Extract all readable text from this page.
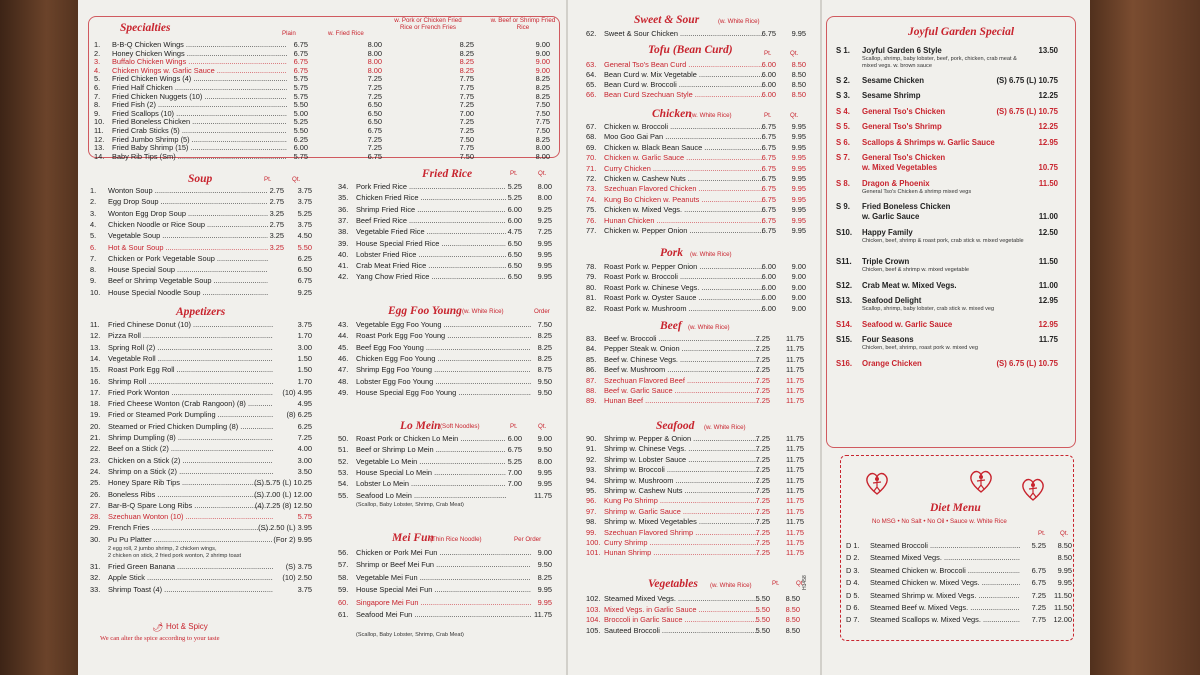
Specialties	Plain	w. Fried Rice
w. Pork or Chicken Fried Rice or French Fries
w. Beef or Shrimp Fried Rice
1. B-B-Q Chicken Wings .....	6.75	8.00	8.25	9.00
2. Honey Chicken Wings .....	6.75	8.00	8.25	9.00
3. Buffalo Chicken Wings .....	6.75	8.00	8.25	9.00
4. Chicken Wings w. Garlic Sauce .....	6.75	8.00	8.25	9.00
5. Fried Chicken Wings (4) .....	5.75	7.25	7.75	8.25
6. Fried Half Chicken .....	5.75	7.25	7.75	8.25
7. Fried Chicken Nuggets (10) .....	5.75	7.25	7.75	8.25
8. Fried Fish (2) .....	5.50	6.50	7.25	7.50
9. Fried Scallops (10) .....	5.00	6.50	7.00	7.50
10. Fried Boneless Chicken .....	5.25	6.50	7.25	7.75
11. Fried Crab Sticks (5) .....	5.50	6.75	7.25	7.50
12. Fried Jumbo Shrimp (5) .....	6.25	7.25	7.50	8.25
13. Fried Baby Shrimp (15) .....	6.00	7.25	7.75	8.00
14. Baby Rib Tips (Sm) .....	5.75	6.75	7.50	8.00
Soup	Pt.	Qt.
1. Wonton Soup .....	2.75	3.75
2. Egg Drop Soup .....	2.75	3.75
3. Wonton Egg Drop Soup .....	3.25	5.25
4. Chicken Noodle or Rice Soup .....	2.75	3.75
5. Vegetable Soup .....	3.25	4.50
6. Hot & Sour Soup .....	3.25	5.50
7. Chicken or Pork Vegetable Soup .....	6.25
8. House Special Soup .....	6.50
9. Beef or Shrimp Vegetable Soup .....	6.75
10. House Special Noodle Soup .....	9.25
Appetizers
11. Fried Chinese Donut (10) .....	3.75
12. Pizza Roll .....	1.70
13. Spring Roll (2) .....	3.00
14. Vegetable Roll .....	1.50
15. Roast Pork Egg Roll .....	1.50
16. Shrimp Roll .....	1.70
17. Fried Pork Wonton .....	(10) 4.95
18. Fried Cheese Wonton (Crab Rangoon) (8) .....	4.95
19. Fried or Steamed Pork Dumpling .....	(8) 6.25
20. Steamed or Fried Chicken Dumpling (8) .....	6.25
21. Shrimp Dumpling (8) .....	7.25
22. Beef on a Stick (2) .....	4.00
23. Chicken on a Stick (2) .....	3.00
24. Shrimp on a Stick (2) .....	3.50
25. Honey Spare Rib Tips .....	(S) 5.75 (L) 10.25
26. Boneless Ribs .....	(S) 7.00 (L) 12.00
27. Bar-B-Q Spare Long Ribs .....	(4) 7.25 (8) 12.50
28. Szechuan Wonton (10) .....	5.75
29. French Fries .....	(S) 2.50 (L) 3.95
30. Pu Pu Platter .....	(For 2) 9.95
2 egg roll, 2 jumbo shrimp, 2 chicken wings,
2 chicken on stick, 2 fried pork wonton, 2 shrimp toast
31. Fried Green Banana .....	(S) 3.75
32. Apple Stick .....	(10) 2.50
33. Shrimp Toast (4) .....	3.75
🌶 Hot & Spicy
We can alter the spice according to your taste
Fried Rice	Pt.	Qt.
34. Pork Fried Rice .....	5.25	8.00
35. Chicken Fried Rice .....	5.25	8.00
36. Shrimp Fried Rice .....	6.00	9.25
37. Beef Fried Rice .....	6.00	9.25
38. Vegetable Fried Rice .....	4.75	7.25
39. House Special Fried Rice .....	6.50	9.95
40. Lobster Fried Rice .....	6.50	9.95
41. Crab Meat Fried Rice .....	6.50	9.95
42. Yang Chow Fried Rice .....	6.50	9.95
Egg Foo Young (w. White Rice)	Order
43. Vegetable Egg Foo Young .....	7.50
44. Roast Pork Egg Foo Young .....	8.25
45. Beef Egg Foo Young .....	8.25
46. Chicken Egg Foo Young .....	8.25
47. Shrimp Egg Foo Young .....	8.75
48. Lobster Egg Foo Young .....	9.50
49. House Special Egg Foo Young .....	9.50
Lo Mein (Soft Noodles)	Pt.	Qt.
50. Roast Pork or Chicken Lo Mein .....	6.00	9.00
51. Beef or Shrimp Lo Mein .....	6.75	9.50
52. Vegetable Lo Mein .....	5.25	8.00
53. House Special Lo Mein .....	7.00	9.95
54. Lobster Lo Mein .....	7.00	9.95
55. Seafood Lo Mein .....	11.75
(Scallop, Baby Lobster, Shrimp, Crab Meat)
Mei Fun
(Thin Rice Noodle)	Per Order
56. Chicken or Pork Mei Fun .....	9.00
57. Shrimp or Beef Mei Fun .....	9.50
58. Vegetable Mei Fun .....	8.25
59. House Special Mei Fun .....	9.95
60. Singapore Mei Fun .....	9.95
61. Seafood Mei Fun .....	11.75
(Scallop, Baby Lobster, Shrimp, Crab Meat)
Sweet & Sour	(w. White Rice)
62. Sweet & Sour Chicken .....	6.75	9.95
Tofu (Bean Curd)	Pt.	Qt.
63. General Tso's Bean Curd .....	6.00	8.50
64. Bean Curd w. Mix Vegetable .....	6.00	8.50
65. Bean Curd w. Broccoli .....	6.00	8.50
66. Bean Curd Szechuan Style .....	6.00	8.50
Chicken
(w. White Rice)	Pt.	Qt.
67. Chicken w. Broccoli .....	6.75	9.95
68. Moo Goo Gai Pan .....	6.75	9.95
69. Chicken w. Black Bean Sauce .....	6.75	9.95
70. Chicken w. Garlic Sauce .....	6.75	9.95
71. Curry Chicken .....	6.75	9.95
72. Chicken w. Cashew Nuts .....	6.75	9.95
73. Szechuan Flavored Chicken .....	6.75	9.95
74. Kung Bo Chicken w. Peanuts .....	6.75	9.95
75. Chicken w. Mixed Vegs. .....	6.75	9.95
76. Hunan Chicken .....	6.75	9.95
77. Chicken w. Pepper Onion .....	6.75	9.95
Pork (w. White Rice)
78. Roast Pork w. Pepper Onion .....	6.00	9.00
79. Roast Pork w. Broccoli .....	6.00	9.00
80. Roast Pork w. Chinese Vegs. .....	6.00	9.00
81. Roast Pork w. Oyster Sauce .....	6.00	9.00
82. Roast Pork w. Mushroom .....	6.00	9.00
Beef (w. White Rice)
83. Beef w. Broccoli .....	7.25	11.75
84. Pepper Steak w. Onion .....	7.25	11.75
85. Beef w. Chinese Vegs. .....	7.25	11.75
86. Beef w. Mushroom .....	7.25	11.75
87. Szechuan Flavored Beef .....	7.25	11.75
88. Beef w. Garlic Sauce .....	7.25	11.75
89. Hunan Beef .....	7.25	11.75
Seafood (w. White Rice)
90. Shrimp w. Pepper & Onion .....	7.25	11.75
91. Shrimp w. Chinese Vegs. .....	7.25	11.75
92. Shrimp w. Lobster Sauce .....	7.25	11.75
93. Shrimp w. Broccoli .....	7.25	11.75
94. Shrimp w. Mushroom .....	7.25	11.75
95. Shrimp w. Cashew Nuts .....	7.25	11.75
96. Kung Po Shrimp .....	7.25	11.75
97. Shrimp w. Garlic Sauce .....	7.25	11.75
98. Shrimp w. Mixed Vegetables .....	7.25	11.75
99. Szechuan Flavored Shrimp .....	7.25	11.75
100. Curry Shrimp .....	7.25	11.75
101. Hunan Shrimp .....	7.25	11.75
Vegetables (w. White Rice)	Pt.	Qt.
102. Steamed Mixed Vegs. .....	5.50	8.50
103. Mixed Vegs. in Garlic Sauce .....	5.50	8.50
104. Broccoli in Garlic Sauce .....	5.50	8.50
105. Sauteed Broccoli .....	5.50	8.50
H1458
Joyful Garden Special
S 1. Joyful Garden 6 Style	13.50
Scallop, shrimp, baby lobster, beef, pork, chicken, crab meat & mixed vegs. w. brown sauce
S 2. Sesame Chicken	(S) 6.75 (L) 10.75
S 3. Sesame Shrimp	12.25
S 4. General Tso's Chicken	(S) 6.75 (L) 10.75
S 5. General Tso's Shrimp	12.25
S 6. Scallops & Shrimps w. Garlic Sauce	12.95
S 7. General Tso's Chicken
w. Mixed Vegetables	10.75
S 8. Dragon & Phoenix	11.50
General Tso's Chicken & shrimp mixed vegs
S 9. Fried Boneless Chicken
w. Garlic Sauce	11.00
S10. Happy Family	12.50
Chicken, beef, shrimp & roast pork, crab stick w. mixed vegetable
S11. Triple Crown	11.50
Chicken, beef & shrimp w. mixed vegetable
S12. Crab Meat w. Mixed Vegs.	11.00
S13. Seafood Delight	12.95
Scallop, shrimp, baby lobster, crab stick w. mixed veg
S14. Seafood w. Garlic Sauce	12.95
S15. Four Seasons	11.75
Chicken, beef, shrimp, roast pork w. mixed veg
S16. Orange Chicken	(S) 6.75 (L) 10.75
Diet Menu
No MSG • No Salt • No Oil • Sauce w. White Rice
Pt. Qt.
D 1. Steamed Broccoli .....	5.25	8.50
D 2. Steamed Mixed Vegs. .....	8.50
D 3. Steamed Chicken w. Broccoli .....	6.75	9.95
D 4. Steamed Chicken w. Mixed Vegs. .....	6.75	9.95
D 5. Steamed Shrimp w. Mixed Vegs. .....	7.25	11.50
D 6. Steamed Beef w. Mixed Vegs. .....	7.25	11.50
D 7. Steamed Scallops w. Mixed Vegs. .....	7.75	12.00
